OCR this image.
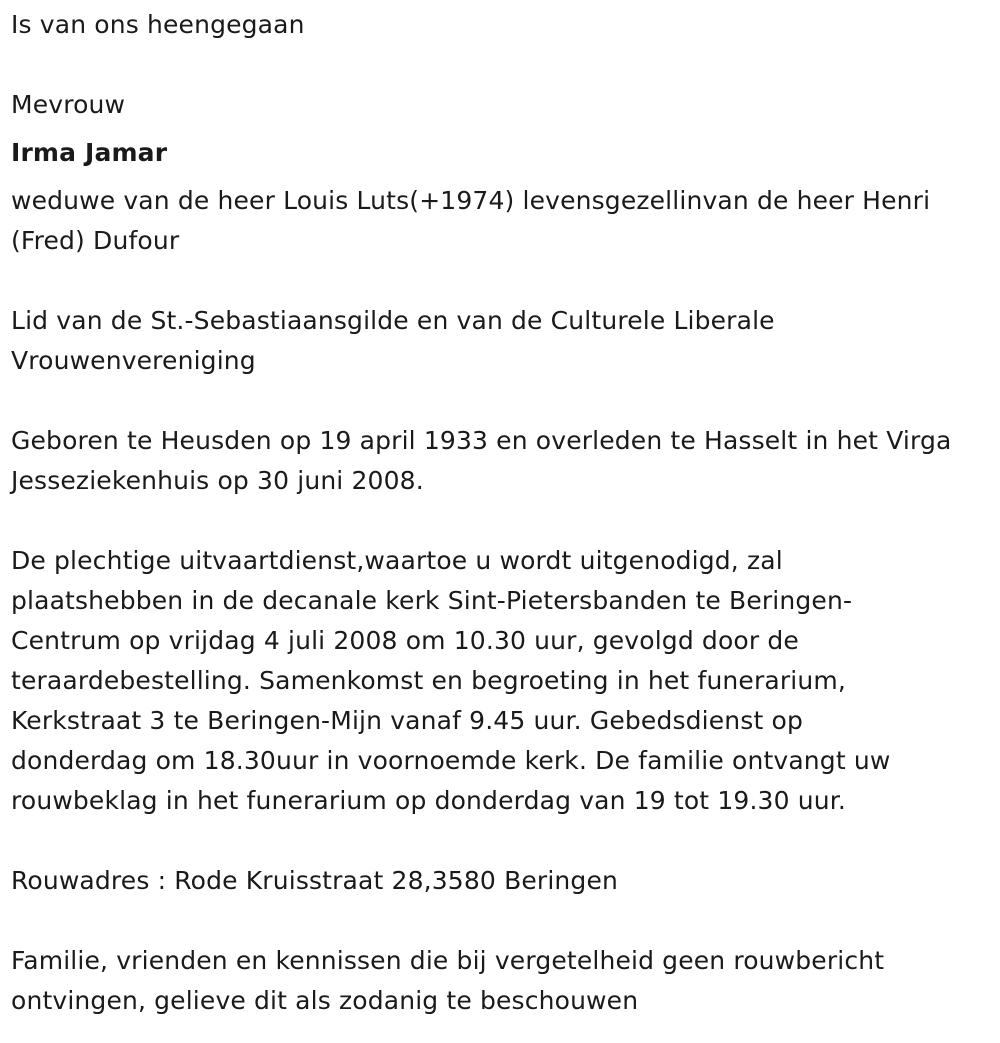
Is van ons heengegaan
Mevrouw
Irma Jamar
weduwe van de heer Louis Luts(+1974) levensgezellinvan de heer Henri
(Fred) Dufour
Lid van de St.-Sebastiaansgilde en van de Culturele Liberale
Vrouwenvereniging
Geboren te Heusden op 19 april 1933 en overleden te Hasselt in het Virga
Jesseziekenhuis op 30 juni 2008.
De plechtige uitvaartdienst,waartoe u wordt uitgenodigd, zal
plaatshebben in de decanale kerk Sint-Pietersbanden te Beringen-
Centrum op vrijdag 4 juli 2008 om 10.30 uur, gevolgd door de
teraardebestelling. Samenkomst en begroeting in het funerarium,
Kerkstraat 3 te Beringen-Mijn vanaf 9.45 uur. Gebedsdienst op
donderdag om 18.30uur in voornoemde kerk. De familie ontvangt uw
rouwbeklag in het funerarium op donderdag van 19 tot 19.30 uur.
Rouwadres : Rode Kruisstraat 28,3580 Beringen
Familie, vrienden en kennissen die bij vergetelheid geen rouwbericht
ontvingen, gelieve dit als zodanig te beschouwen
